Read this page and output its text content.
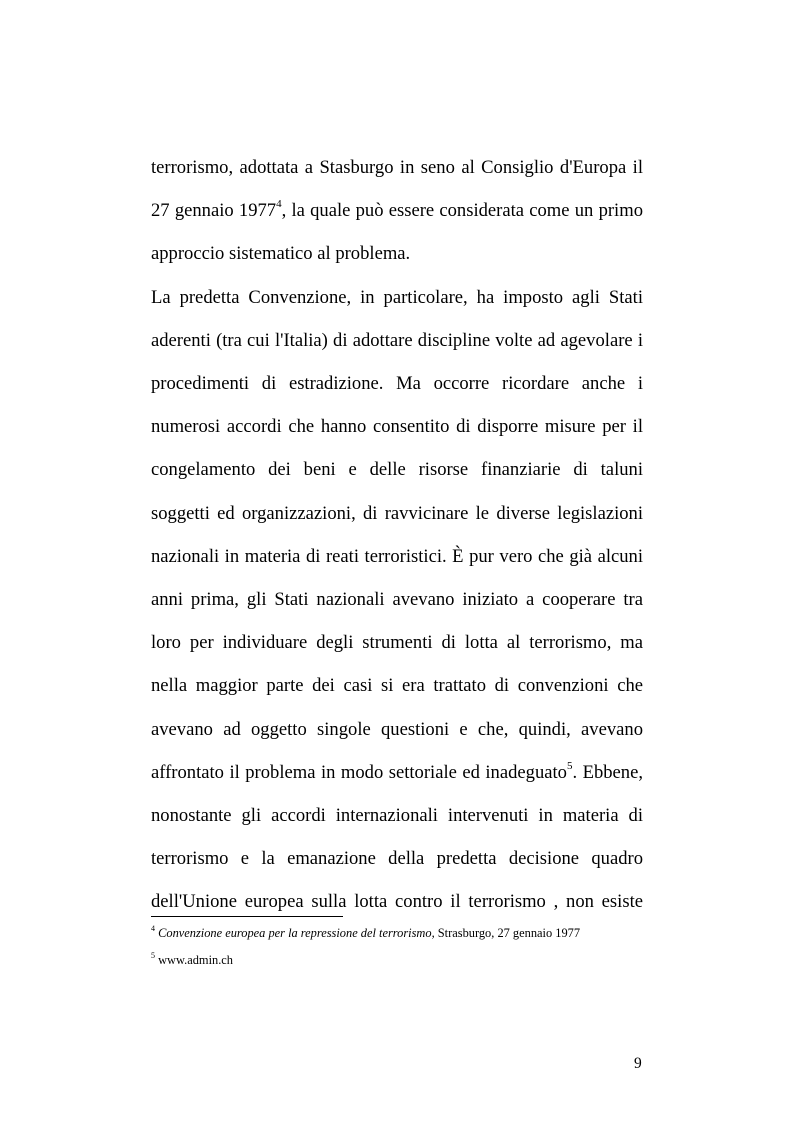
terrorismo, adottata a Stasburgo in seno al Consiglio d'Europa il
27 gennaio 1977$^4$, la quale può essere considerata come un primo
approccio sistematico al problema.

La predetta Convenzione, in particolare, ha imposto agli Stati
aderenti (tra cui l'Italia) di adottare discipline volte ad agevolare i
procedimenti di estradizione. Ma occorre ricordare anche i
numerosi accordi che hanno consentito di disporre misure per il
congelamento dei beni e delle risorse finanziarie di taluni
soggetti ed organizzazioni, di ravvicinare le diverse legislazioni
nazionali in materia di reati terroristici. È pur vero che già alcuni
anni prima, gli Stati nazionali avevano iniziato a cooperare tra
loro per individuare degli strumenti di lotta al terrorismo, ma
nella maggior parte dei casi si era trattato di convenzioni che
avevano ad oggetto singole questioni e che, quindi, avevano
affrontato il problema in modo settoriale ed inadeguato$^5$. Ebbene,
nonostante gli accordi internazionali intervenuti in materia di
terrorismo e la emanazione della predetta decisione quadro
dell'Unione europea sulla lotta contro il terrorismo , non esiste

$^4$ Convenzione europea per la repressione del terrorismo, Strasburgo, 27 gennaio 1977

$^5$ www.admin.ch

9
